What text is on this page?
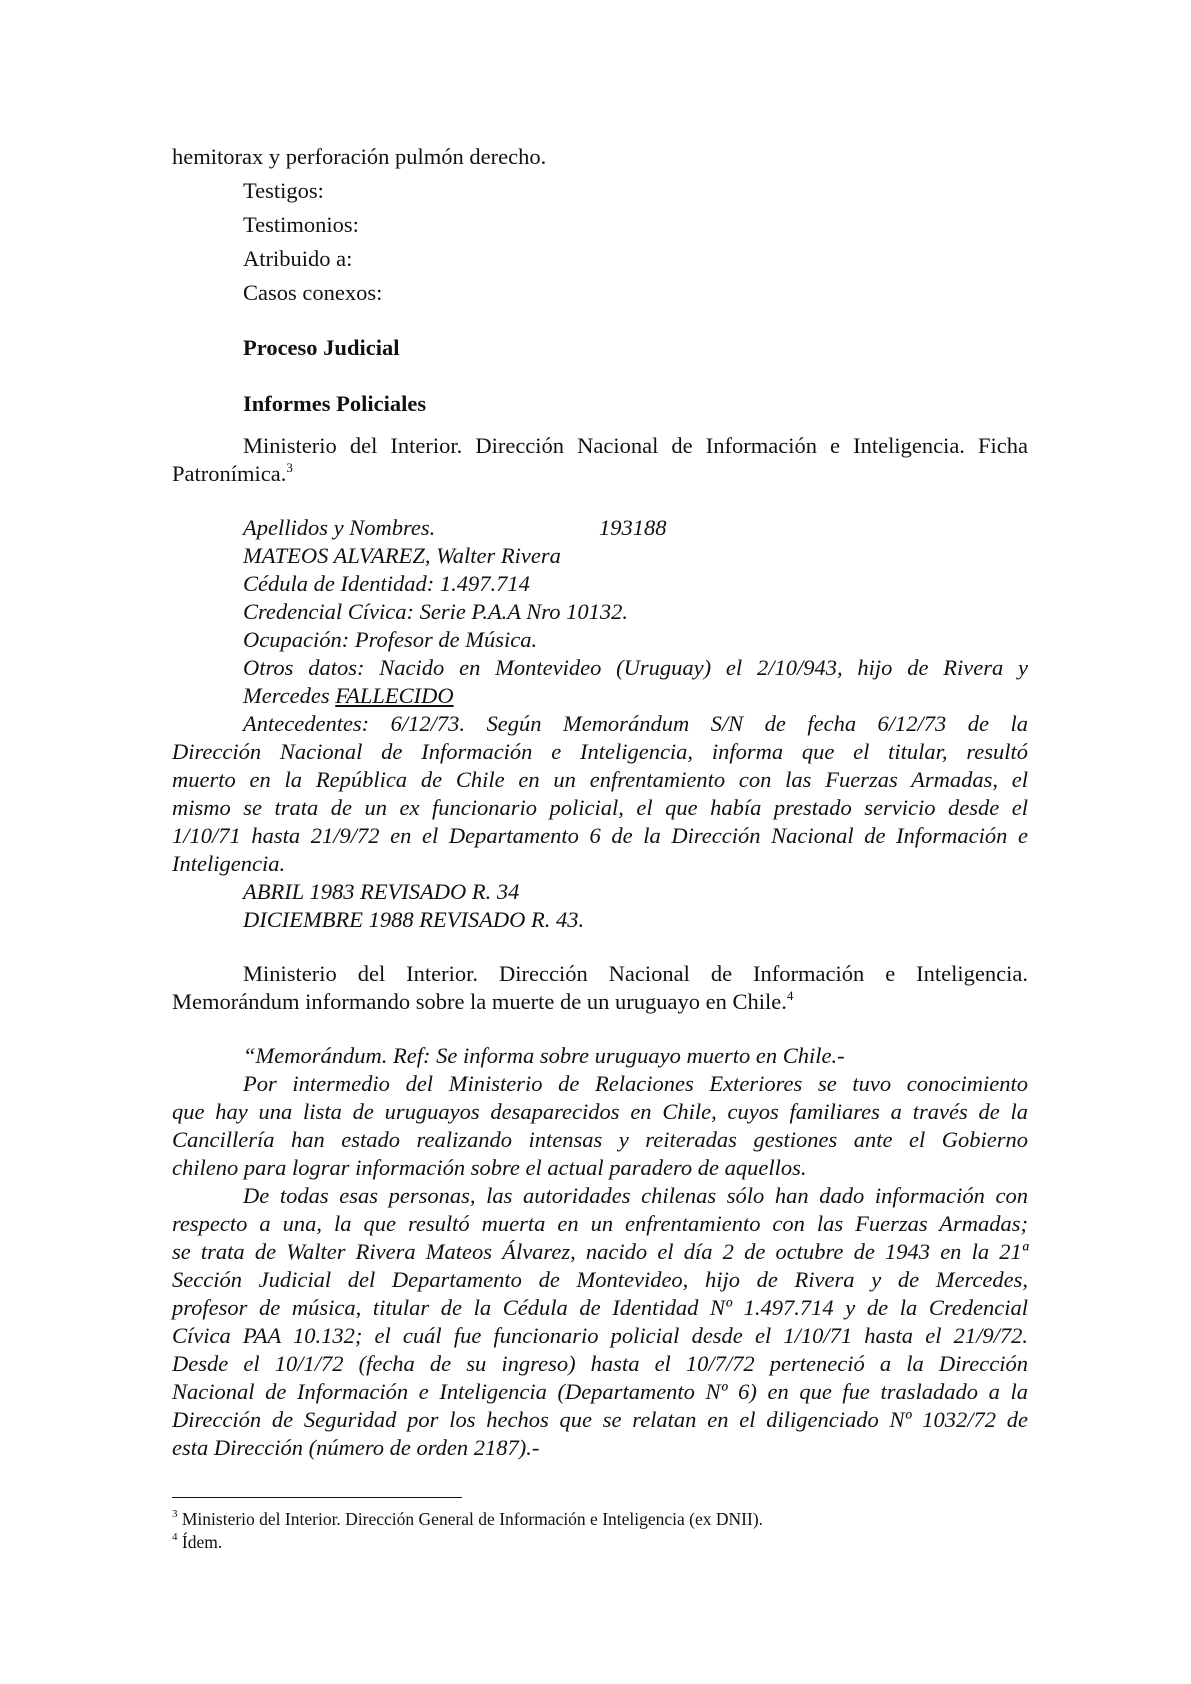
hemitorax y perforación pulmón derecho.
Testigos:
Testimonios:
Atribuido a:
Casos conexos:
Proceso Judicial
Informes Policiales
Ministerio del Interior. Dirección Nacional de Información e Inteligencia. Ficha
Patronímica.$^3$
Apellidos y Nombres.	193188
MATEOS ALVAREZ, Walter Rivera
Cédula de Identidad: 1.497.714
Credencial Cívica: Serie P.A.A Nro 10132.
Ocupación: Profesor de Música.
Otros datos: Nacido en Montevideo (Uruguay) el 2/10/943, hijo de Rivera y
Mercedes FALLECIDO
Antecedentes: 6/12/73. Según Memorándum S/N de fecha 6/12/73 de la
Dirección Nacional de Información e Inteligencia, informa que el titular, resultó
muerto en la República de Chile en un enfrentamiento con las Fuerzas Armadas, el
mismo se trata de un ex funcionario policial, el que había prestado servicio desde el
1/10/71 hasta 21/9/72 en el Departamento 6 de la Dirección Nacional de Información e
Inteligencia.
ABRIL 1983 REVISADO R. 34
DICIEMBRE 1988 REVISADO R. 43.
Ministerio del Interior. Dirección Nacional de Información e Inteligencia.
Memorándum informando sobre la muerte de un uruguayo en Chile.$^4$
“Memorándum. Ref: Se informa sobre uruguayo muerto en Chile.-
Por intermedio del Ministerio de Relaciones Exteriores se tuvo conocimiento
que hay una lista de uruguayos desaparecidos en Chile, cuyos familiares a través de la
Cancillería han estado realizando intensas y reiteradas gestiones ante el Gobierno
chileno para lograr información sobre el actual paradero de aquellos.
De todas esas personas, las autoridades chilenas sólo han dado información con
respecto a una, la que resultó muerta en un enfrentamiento con las Fuerzas Armadas;
se trata de Walter Rivera Mateos Álvarez, nacido el día 2 de octubre de 1943 en la 21ª
Sección Judicial del Departamento de Montevideo, hijo de Rivera y de Mercedes,
profesor de música, titular de la Cédula de Identidad Nº 1.497.714 y de la Credencial
Cívica PAA 10.132; el cuál fue funcionario policial desde el 1/10/71 hasta el 21/9/72.
Desde el 10/1/72 (fecha de su ingreso) hasta el 10/7/72 perteneció a la Dirección
Nacional de Información e Inteligencia (Departamento Nº 6) en que fue trasladado a la
Dirección de Seguridad por los hechos que se relatan en el diligenciado Nº 1032/72 de
esta Dirección (número de orden 2187).-
$^3$ Ministerio del Interior. Dirección General de Información e Inteligencia (ex DNII).
$^4$ Ídem.
